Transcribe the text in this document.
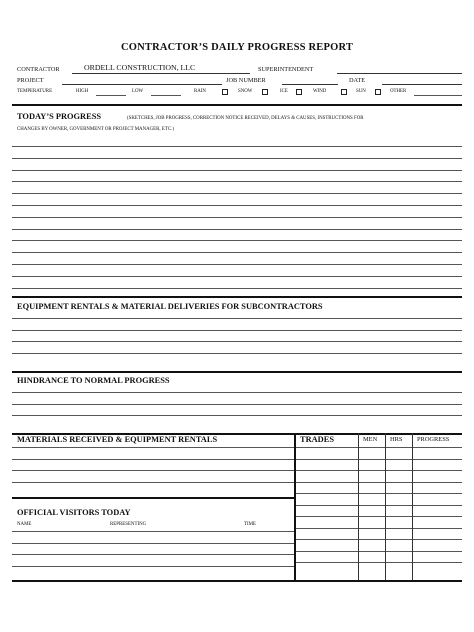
CONTRACTOR’S DAILY PROGRESS REPORT
CONTRACTOR	ORDELL CONSTRUCTION, LLC	SUPERINTENDENT
PROJECT	JOB NUMBER	DATE
TEMPERATURE	HIGH	LOW	RAIN	SNOW	ICE	WIND	SUN	OTHER
TODAY’S PROGRESS	(SKETCHES, JOB PROGRESS, CORRECTION NOTICE RECEIVED, DELAYS & CAUSES, INSTRUCTIONS FOR
CHANGES BY OWNER, GOVERNMENT OR PROJECT MANAGER, ETC.)
EQUIPMENT RENTALS & MATERIAL DELIVERIES FOR SUBCONTRACTORS
HINDRANCE TO NORMAL PROGRESS
MATERIALS RECEIVED & EQUIPMENT RENTALS	TRADES	MEN HRS PROGRESS
OFFICIAL VISITORS TODAY
NAME	REPRESENTING	TIME
